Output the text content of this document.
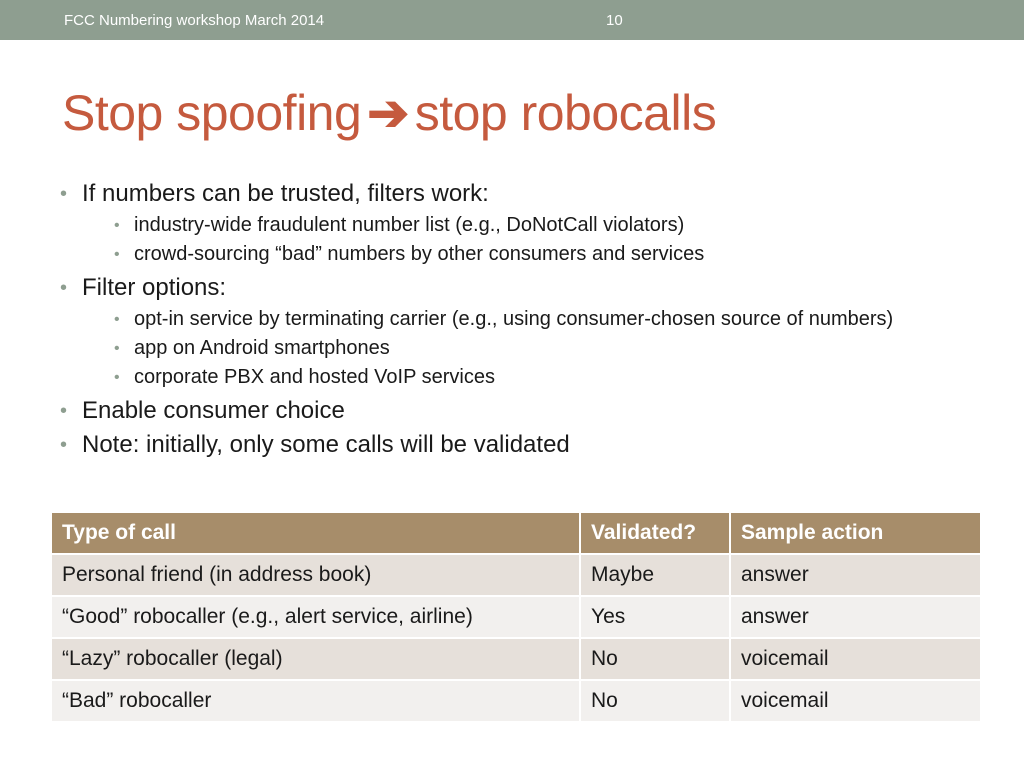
FCC Numbering workshop March 2014	10
Stop spoofing ➔ stop robocalls
• If numbers can be trusted, filters work:
• industry-wide fraudulent number list (e.g., DoNotCall violators)
• crowd-sourcing “bad” numbers by other consumers and services
• Filter options:
• opt-in service by terminating carrier (e.g., using consumer-chosen source of numbers)
• app on Android smartphones
• corporate PBX and hosted VoIP services
• Enable consumer choice
• Note: initially, only some calls will be validated
Type of call	Validated?	Sample action
Personal friend (in address book)	Maybe	answer
“Good” robocaller (e.g., alert service, airline)	Yes	answer
“Lazy” robocaller (legal)	No	voicemail
“Bad” robocaller	No	voicemail
